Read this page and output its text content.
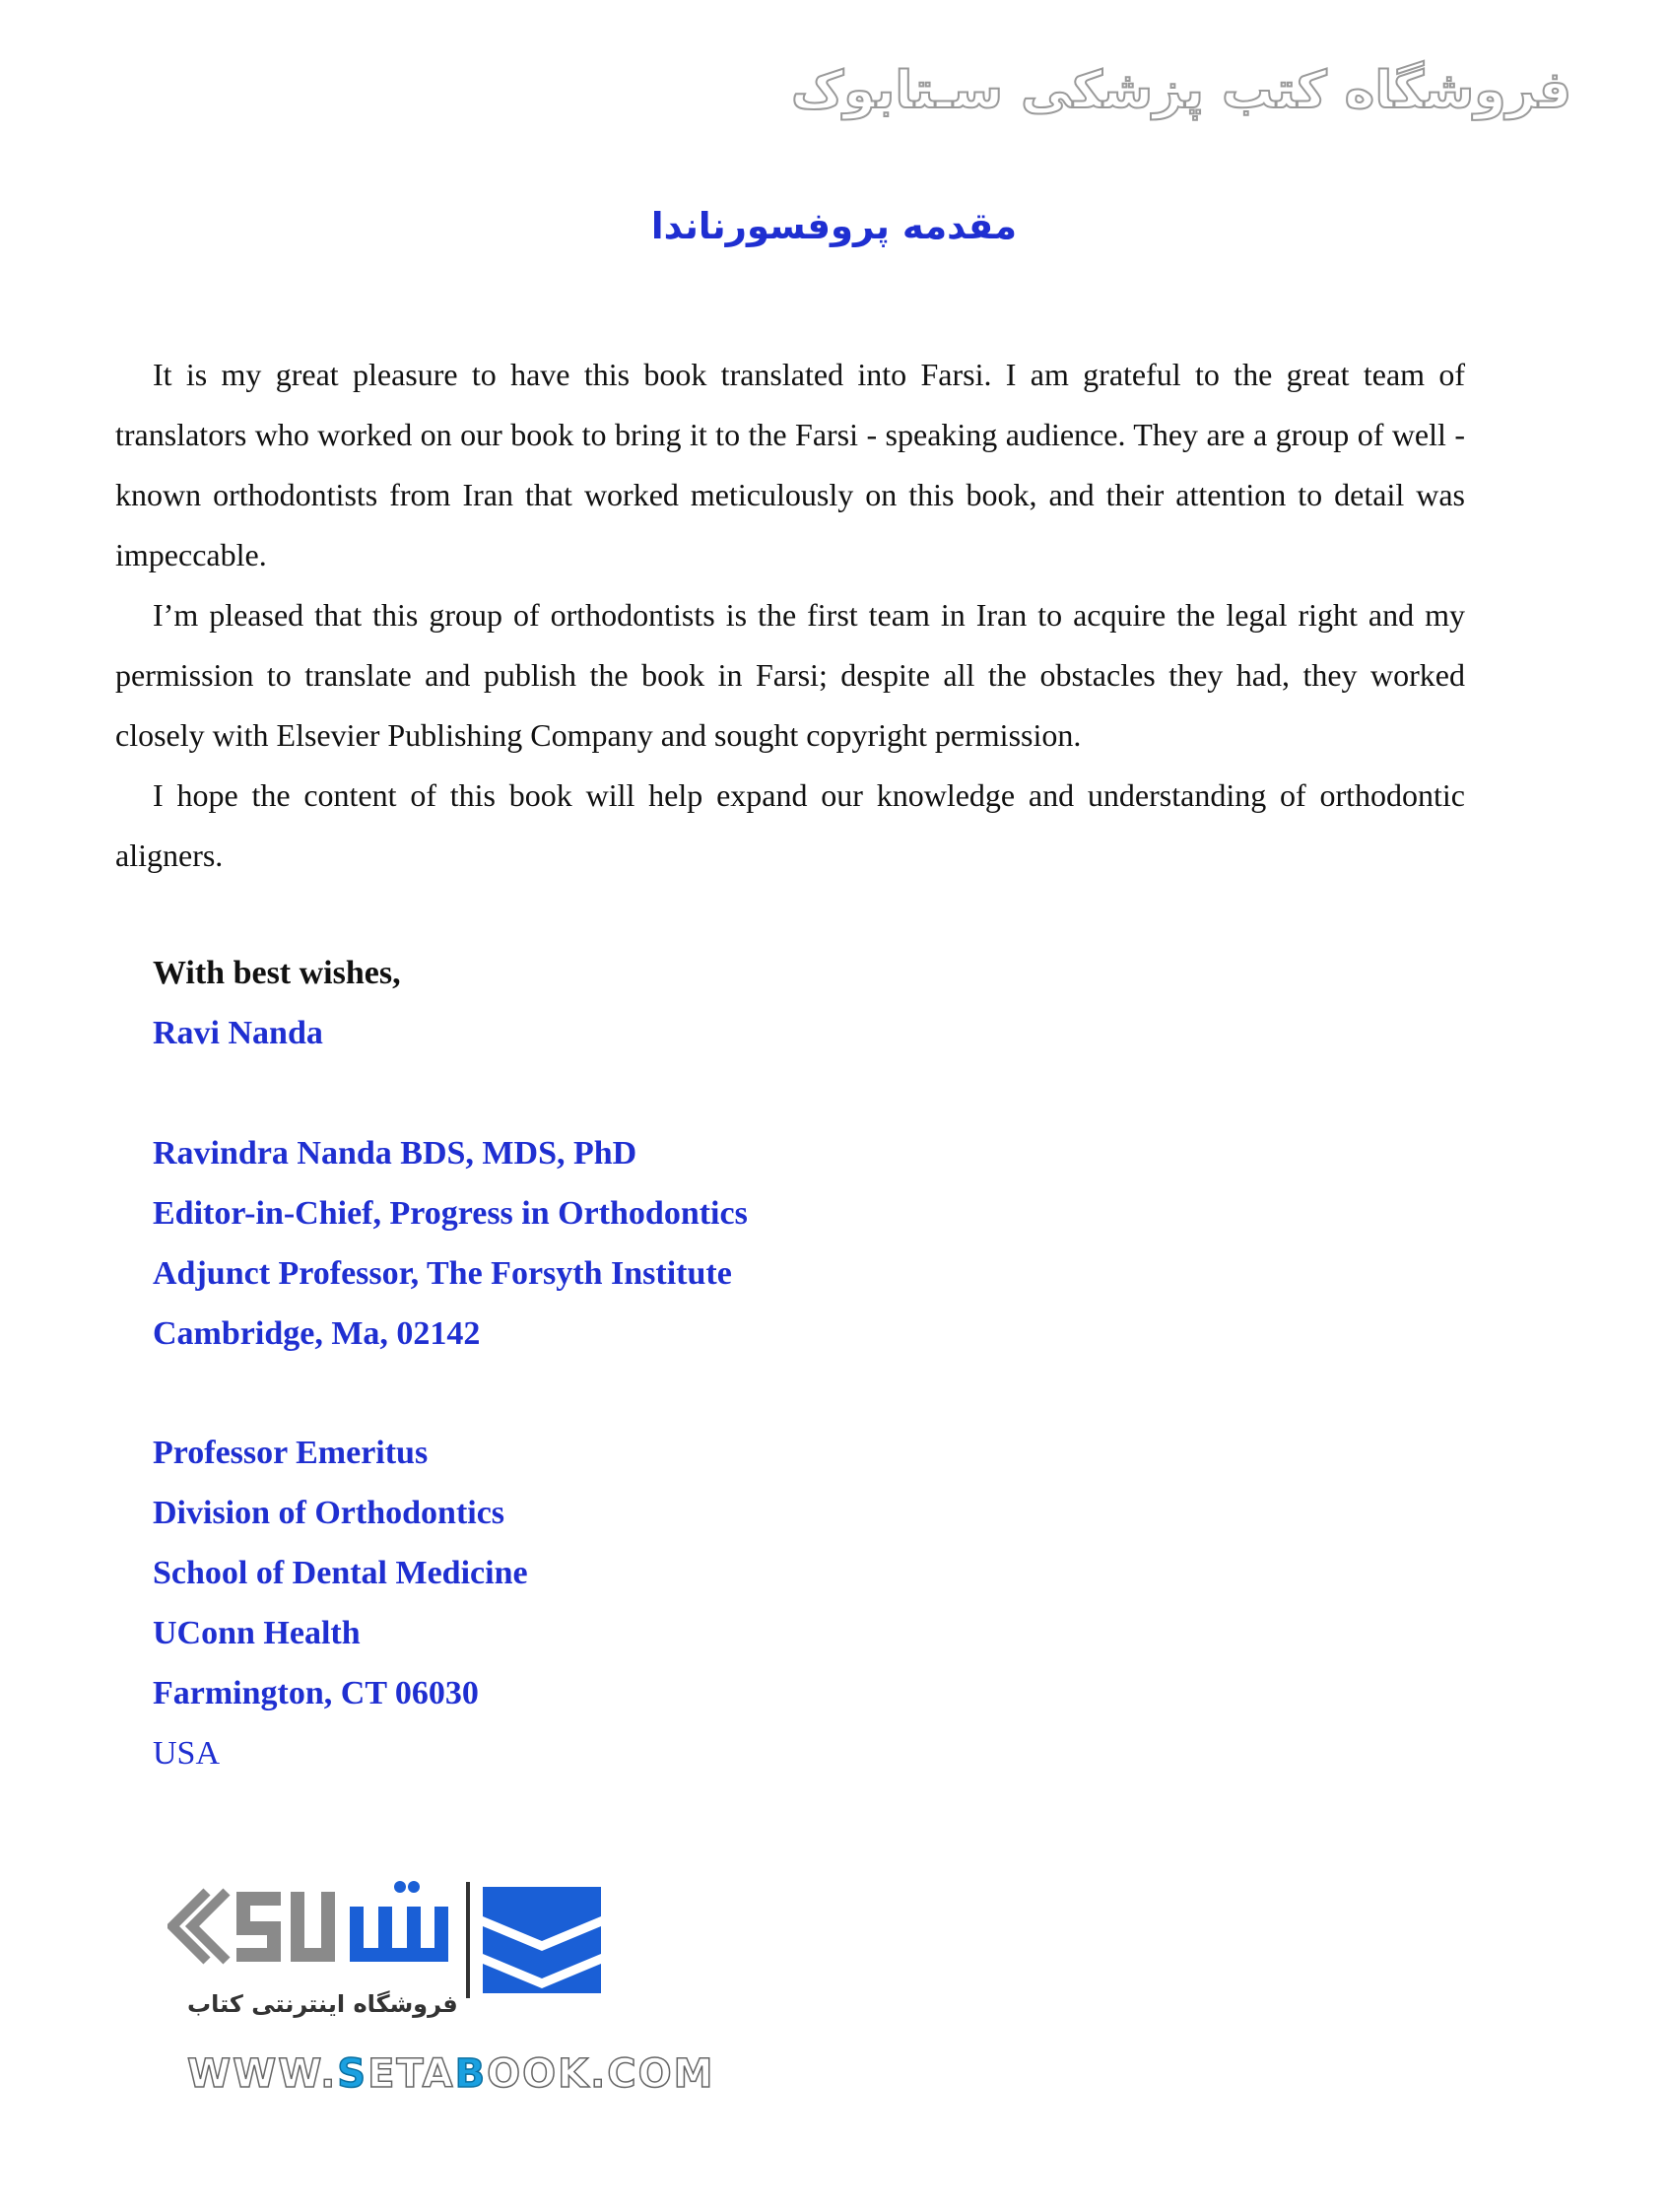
فروشگاه کتب پزشکی سـتابوک
مقدمه پروفسورناندا

It is my great pleasure to have this book translated into Farsi. I am grateful to the great team of translators who worked on our book to bring it to the Farsi - speaking audience. They are a group of well - known orthodontists from Iran that worked meticulously on this book, and their attention to detail was impeccable.

I’m pleased that this group of orthodontists is the first team in Iran to acquire the legal right and my permission to translate and publish the book in Farsi; despite all the obstacles they had, they worked closely with Elsevier Publishing Company and sought copyright permission.

I hope the content of this book will help expand our knowledge and understanding of orthodontic aligners.

With best wishes,
Ravi Nanda
Ravindra Nanda BDS, MDS, PhD
Editor-in-Chief, Progress in Orthodontics
Adjunct Professor, The Forsyth Institute
Cambridge, Ma, 02142
Professor Emeritus
Division of Orthodontics
School of Dental Medicine
UConn Health
Farmington, CT 06030
USA
فروشگاه اینترنتی کتاب
WWW.SETABOOK.COM
